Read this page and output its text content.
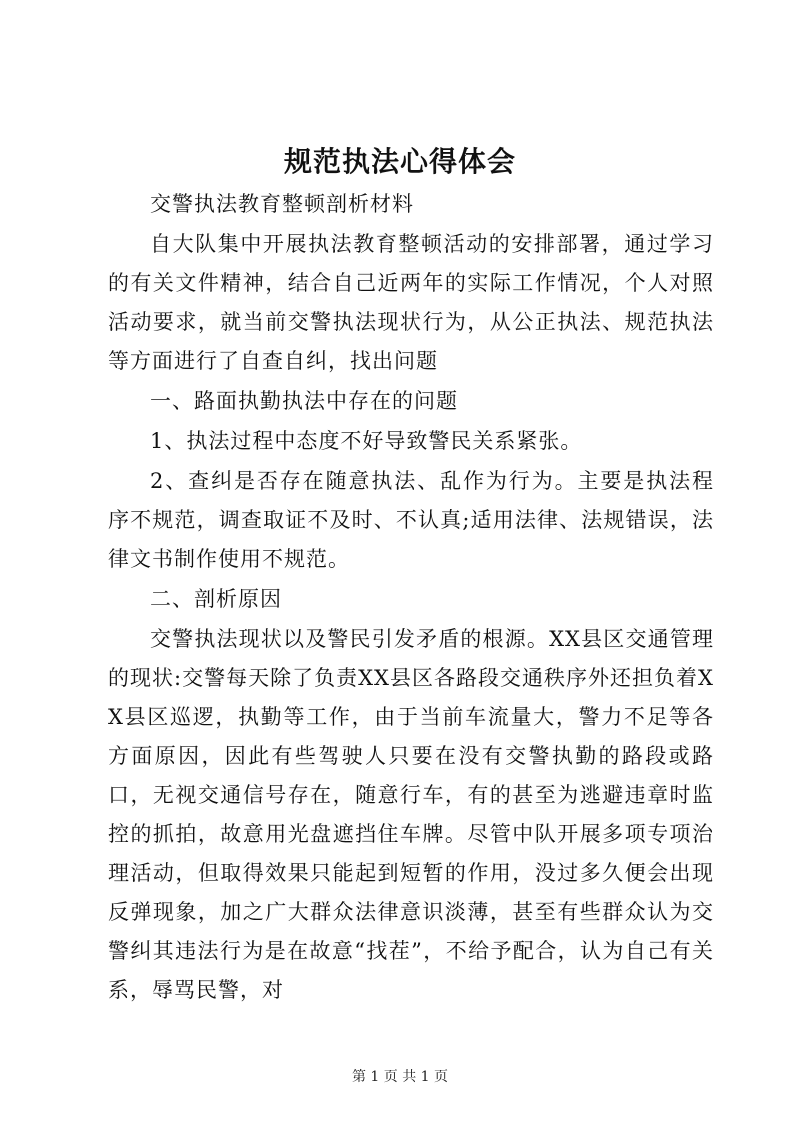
规范执法心得体会

交警执法教育整顿剖析材料

自大队集中开展执法教育整顿活动的安排部署，通过学习的有关文件精神，结合自己近两年的实际工作情况，个人对照活动要求，就当前交警执法现状行为，从公正执法、规范执法等方面进行了自查自纠，找出问题

一、路面执勤执法中存在的问题

1、执法过程中态度不好导致警民关系紧张。

2、查纠是否存在随意执法、乱作为行为。主要是执法程序不规范，调查取证不及时、不认真;适用法律、法规错误，法律文书制作使用不规范。

二、剖析原因

交警执法现状以及警民引发矛盾的根源。XX县区交通管理的现状:交警每天除了负责XX县区各路段交通秩序外还担负着XX县区巡逻，执勤等工作，由于当前车流量大，警力不足等各方面原因，因此有些驾驶人只要在没有交警执勤的路段或路口，无视交通信号存在，随意行车，有的甚至为逃避违章时监控的抓拍，故意用光盘遮挡住车牌。尽管中队开展多项专项治理活动，但取得效果只能起到短暂的作用，没过多久便会出现反弹现象，加之广大群众法律意识淡薄，甚至有些群众认为交警纠其违法行为是在故意“找茬”，不给予配合，认为自己有关系，辱骂民警，对

第 1 页 共 1 页
